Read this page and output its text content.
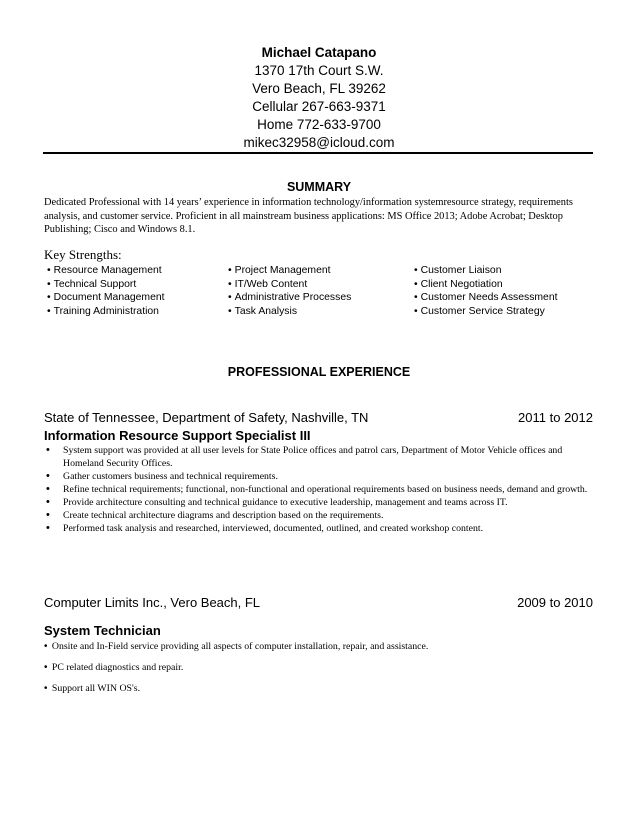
Michael Catapano
1370 17th Court S.W.
Vero Beach, FL 39262
Cellular 267-663-9371
Home 772-633-9700
mikec32958@icloud.com
SUMMARY
Dedicated Professional with 14 years’ experience in information technology/information systemresource strategy, requirements analysis, and customer service. Proficient in all mainstream business applications: MS Office 2013; Adobe Acrobat; Desktop Publishing; Cisco and Windows 8.1.
Key Strengths:
• Resource Management
• Technical Support
• Document Management
• Training Administration
• Project Management
• IT/Web Content
• Administrative Processes
• Task Analysis
• Customer Liaison
• Client Negotiation
• Customer Needs Assessment
• Customer Service Strategy
PROFESSIONAL EXPERIENCE
State of Tennessee, Department of Safety, Nashville, TN	2011 to 2012
Information Resource Support Specialist III
• System support was provided at all user levels for State Police offices and patrol cars, Department of Motor Vehicle offices and Homeland Security Offices.
• Gather customers business and technical requirements.
• Refine technical requirements; functional, non-functional and operational requirements based on business needs, demand and growth.
• Provide architecture consulting and technical guidance to executive leadership, management and teams across IT.
• Create technical architecture diagrams and description based on the requirements.
• Performed task analysis and researched, interviewed, documented, outlined, and created workshop content.
Computer Limits Inc., Vero Beach, FL	2009 to 2010
System Technician
• Onsite and In-Field service providing all aspects of computer installation, repair, and assistance.
• PC related diagnostics and repair.
• Support all WIN OS's.
